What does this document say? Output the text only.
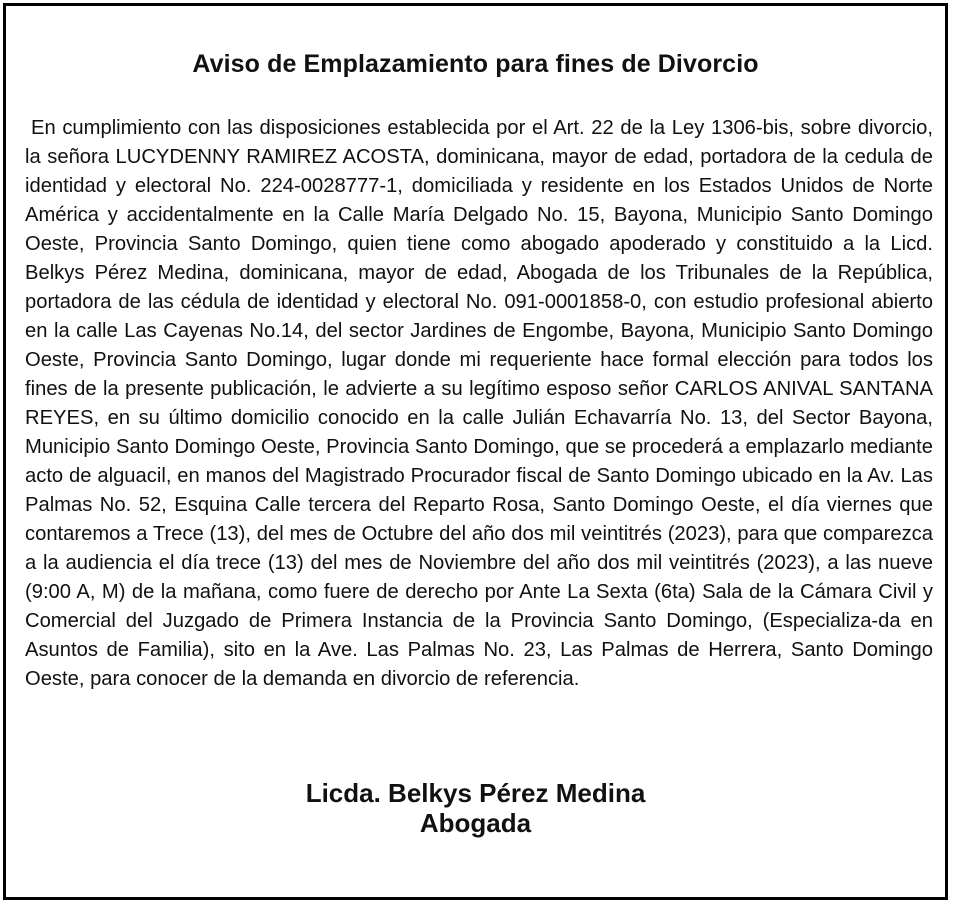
Aviso de Emplazamiento para fines de Divorcio

En cumplimiento con las disposiciones establecida por el Art. 22 de la Ley 1306-bis, sobre divorcio, la señora LUCYDENNY RAMIREZ ACOSTA, dominicana, mayor de edad, portadora de la cedula de identidad y electoral No. 224-0028777-1, domiciliada y residente en los Estados Unidos de Norte América y accidentalmente en la Calle María Delgado No. 15, Bayona, Municipio Santo Domingo Oeste, Provincia Santo Domingo, quien tiene como abogado apoderado y constituido a la Licd. Belkys Pérez Medina, dominicana, mayor de edad, Abogada de los Tribunales de la República, portadora de las cédula de identidad y electoral No. 091-0001858-0, con estudio profesional abierto en la calle Las Cayenas No.14, del sector Jardines de Engombe, Bayona, Municipio Santo Domingo Oeste, Provincia Santo Domingo, lugar donde mi requeriente hace formal elección para todos los fines de la presente publicación, le advierte a su legítimo esposo señor CARLOS ANIVAL SANTANA REYES, en su último domicilio conocido en la calle Julián Echavarría No. 13, del Sector Bayona, Municipio Santo Domingo Oeste, Provincia Santo Domingo, que se procederá a emplazarlo mediante acto de alguacil, en manos del Magistrado Procurador fiscal de Santo Domingo ubicado en la Av. Las Palmas No. 52, Esquina Calle tercera del Reparto Rosa, Santo Domingo Oeste, el día viernes que contaremos a Trece (13), del mes de Octubre del año dos mil veintitrés (2023), para que comparezca a la audiencia el día trece (13) del mes de Noviembre del año dos mil veintitrés (2023), a las nueve (9:00 A, M) de la mañana, como fuere de derecho por Ante La Sexta (6ta) Sala de la Cámara Civil y Comercial del Juzgado de Primera Instancia de la Provincia Santo Domingo, (Especializa-da en Asuntos de Familia), sito en la Ave. Las Palmas No. 23, Las Palmas de Herrera, Santo Domingo Oeste, para conocer de la demanda en divorcio de referencia.

Licda. Belkys Pérez Medina
Abogada
